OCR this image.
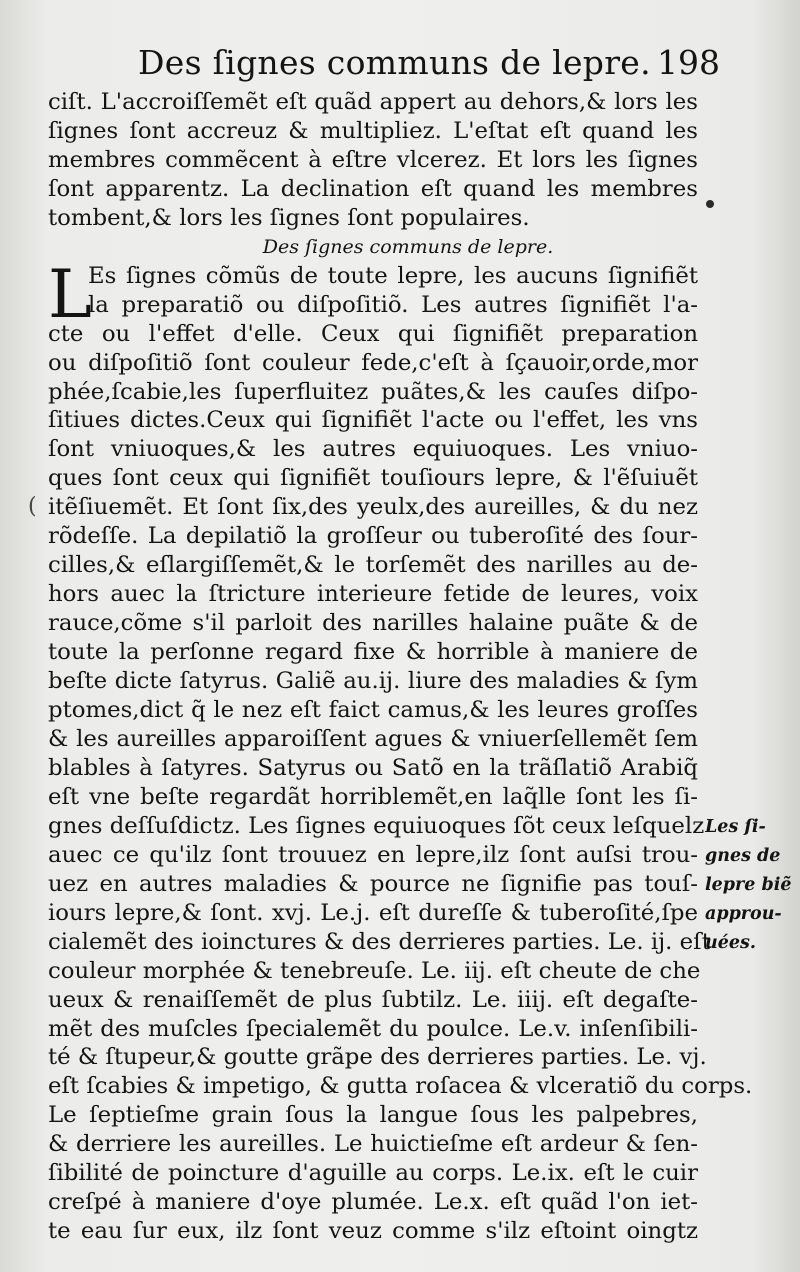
Des ſignes communs de lepre. 198
ciſt. L'accroiſſemẽt eſt quãd appert au dehors,& lors les
ſignes ſont accreuz & multipliez. L'eſtat eſt quand les
membres commẽcent à eſtre vlcerez. Et lors les ſignes
ſont apparentz. La declination eſt quand les membres
tombent,& lors les ſignes ſont populaires.
Des ſignes communs de lepre.
L
Es ſignes cõmũs de toute lepre, les aucuns ſignifiẽt
la preparatiõ ou diſpoſitiõ. Les autres ſignifiẽt l'a-
cte ou l'effet d'elle. Ceux qui ſignifiẽt preparation
ou diſpoſitiõ ſont couleur fede,c'eſt à ſçauoir,orde,mor
phée,ſcabie,les ſuperfluitez puãtes,& les cauſes diſpo-
ſitiues dictes.Ceux qui ſignifiẽt l'acte ou l'effet, les vns
ſont vniuoques,& les autres equiuoques. Les vniuo-
ques ſont ceux qui ſignifiẽt touſiours lepre, & l'ẽſuiuẽt
itẽſiuemẽt. Et ſont ſix,des yeulx,des aureilles, & du nez
rõdeſſe. La depilatiõ la groſſeur ou tuberoſité des ſour-
cilles,& eſlargiſſemẽt,& le torſemẽt des narilles au de-
hors auec la ſtricture interieure fetide de leures, voix
rauce,cõme s'il parloit des narilles halaine puãte & de
toute la perſonne regard fixe & horrible à maniere de
beſte dicte ſatyrus. Galiẽ au.ij. liure des maladies & ſym
ptomes,dict q̃ le nez eſt faict camus,& les leures groſſes
& les aureilles apparoiſſent agues & vniuerſellemẽt ſem
blables à ſatyres. Satyrus ou Satõ en la trãſlatiõ Arabiq̃
eſt vne beſte regardãt horriblemẽt,en laq̃lle ſont les ſi-
gnes deſſuſdictz. Les ſignes equiuoques ſõt ceux leſquelz
auec ce qu'ilz ſont trouuez en lepre,ilz ſont auſsi trou-
uez en autres maladies & pource ne ſignifie pas touſ-
iours lepre,& ſont. xvj. Le.j. eſt dureſſe & tuberoſité,ſpe
cialemẽt des ioinctures & des derrieres parties. Le. ij. eſt
couleur morphée & tenebreuſe. Le. iij. eſt cheute de che
ueux & renaiſſemẽt de plus ſubtilz. Le. iiij. eſt degaſte-
mẽt des muſcles ſpecialemẽt du poulce. Le.v. inſenſibili-
té & ſtupeur,& goutte grãpe des derrieres parties. Le. vj.
eſt ſcabies & impetigo, & gutta roſacea & vlceratiõ du corps.
Le ſeptieſme grain ſous la langue ſous les palpebres,
& derriere les aureilles. Le huictieſme eſt ardeur & ſen-
ſibilité de poincture d'aguille au corps. Le.ix. eſt le cuir
creſpé à maniere d'oye plumée. Le.x. eſt quãd l'on iet-
te eau ſur eux, ilz ſont veuz comme s'ilz eſtoint oingtz
(
Les ſi-
gnes de
lepre biẽ
approu-
uées.
